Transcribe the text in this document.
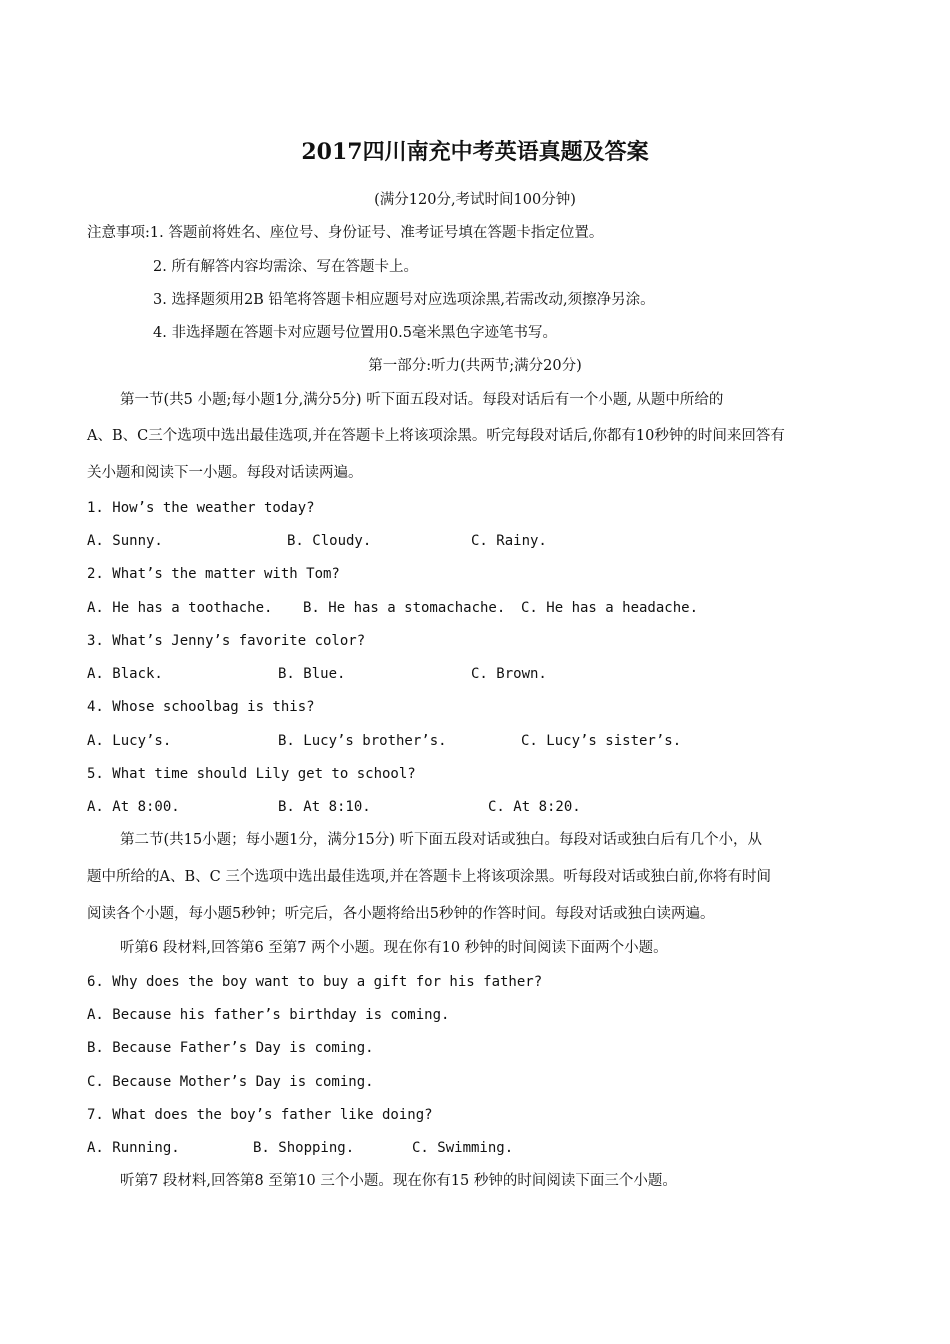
2017四川南充中考英语真题及答案
(满分120分,考试时间100分钟)
注意事项:1. 答题前将姓名、座位号、身份证号、准考证号填在答题卡指定位置。
2. 所有解答内容均需涂、写在答题卡上。
3. 选择题须用2B 铅笔将答题卡相应题号对应选项涂黑,若需改动,须擦净另涂。
4. 非选择题在答题卡对应题号位置用0.5毫米黑色字迹笔书写。
第一部分:听力(共两节;满分20分)
第一节(共5 小题;每小题1分,满分5分) 听下面五段对话。每段对话后有一个小题, 从题中所给的
A、B、C三个选项中选出最佳选项,并在答题卡上将该项涂黑。听完每段对话后,你都有10秒钟的时间来回答有
关小题和阅读下一小题。每段对话读两遍。
1. How’s the weather today?
A. Sunny.	B. Cloudy.	C. Rainy.
2. What’s the matter with Tom?
A. He has a toothache. B. He has a stomachache. C. He has a headache.
3. What’s Jenny’s favorite color?
A. Black.	B. Blue.	C. Brown.
4. Whose schoolbag is this?
A. Lucy’s.	B. Lucy’s brother’s.	C. Lucy’s sister’s.
5. What time should Lily get to school?
A. At 8:00.	B. At 8:10.	C. At 8:20.
第二节(共15小题；每小题1分，满分15分) 听下面五段对话或独白。每段对话或独白后有几个小，从
题中所给的A、B、C 三个选项中选出最佳选项,并在答题卡上将该项涂黑。听每段对话或独白前,你将有时间
阅读各个小题，每小题5秒钟；听完后，各小题将给出5秒钟的作答时间。每段对话或独白读两遍。
听第6 段材料,回答第6 至第7 两个小题。现在你有10 秒钟的时间阅读下面两个小题。
6. Why does the boy want to buy a gift for his father?
A. Because his father’s birthday is coming.
B. Because Father’s Day is coming.
C. Because Mother’s Day is coming.
7. What does the boy’s father like doing?
A. Running.	B. Shopping.	C. Swimming.
听第7 段材料,回答第8 至第10 三个小题。现在你有15 秒钟的时间阅读下面三个小题。
